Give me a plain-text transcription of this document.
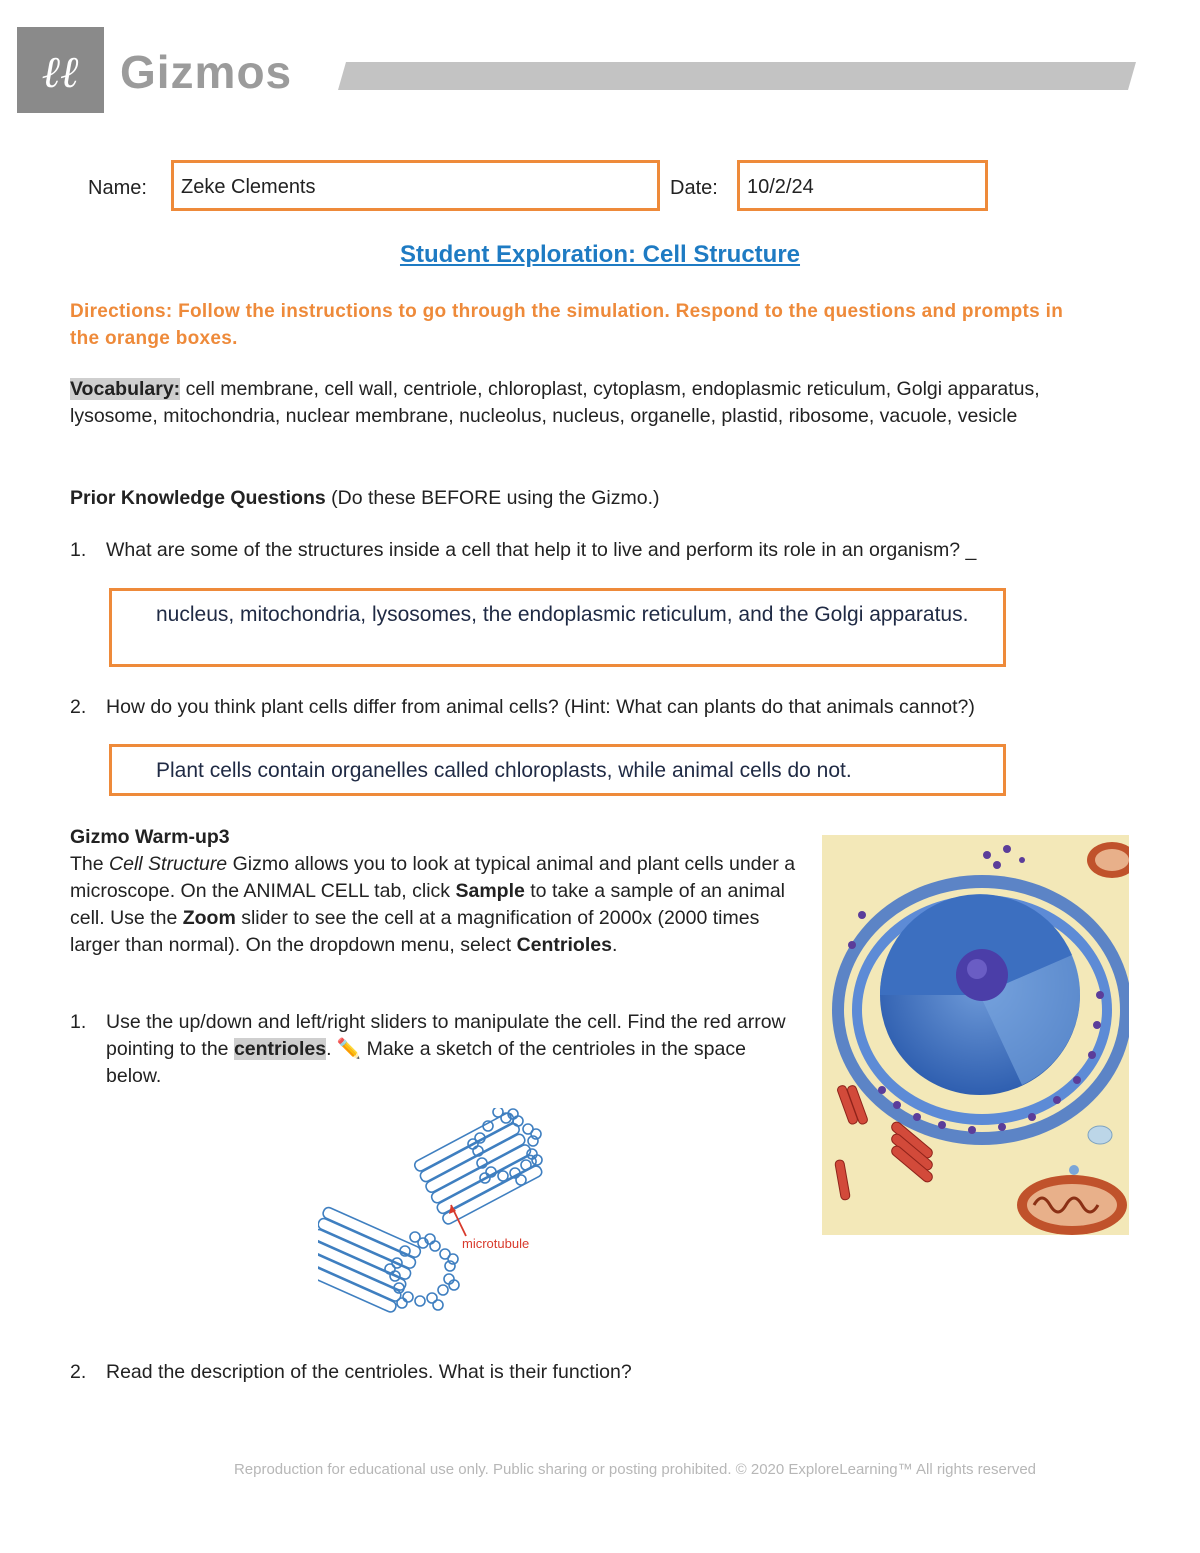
ℓℓ Gizmos
Name:	Zeke Clements	Date:	10/2/24
Student Exploration: Cell Structure
Directions: Follow the instructions to go through the simulation. Respond to the questions and prompts in the orange boxes.
Vocabulary: cell membrane, cell wall, centriole, chloroplast, cytoplasm, endoplasmic reticulum, Golgi apparatus, lysosome, mitochondria, nuclear membrane, nucleolus, nucleus, organelle, plastid, ribosome, vacuole, vesicle
Prior Knowledge Questions (Do these BEFORE using the Gizmo.)
1. What are some of the structures inside a cell that help it to live and perform its role in an organism? _
nucleus, mitochondria, lysosomes, the endoplasmic reticulum, and the Golgi apparatus.
2. How do you think plant cells differ from animal cells? (Hint: What can plants do that animals cannot?)
Plant cells contain organelles called chloroplasts, while animal cells do not.
Gizmo Warm-up3
The Cell Structure Gizmo allows you to look at typical animal and plant cells under a microscope. On the ANIMAL CELL tab, click Sample to take a sample of an animal cell. Use the Zoom slider to see the cell at a magnification of 2000x (2000 times larger than normal). On the dropdown menu, select Centrioles.
1.	Use the up/down and left/right sliders to manipulate the cell. Find the red arrow pointing to the centrioles. ✏️ Make a sketch of the centrioles in the space below.
microtubule
2. Read the description of the centrioles. What is their function?
Reproduction for educational use only. Public sharing or posting prohibited. © 2020 ExploreLearning™ All rights reserved
